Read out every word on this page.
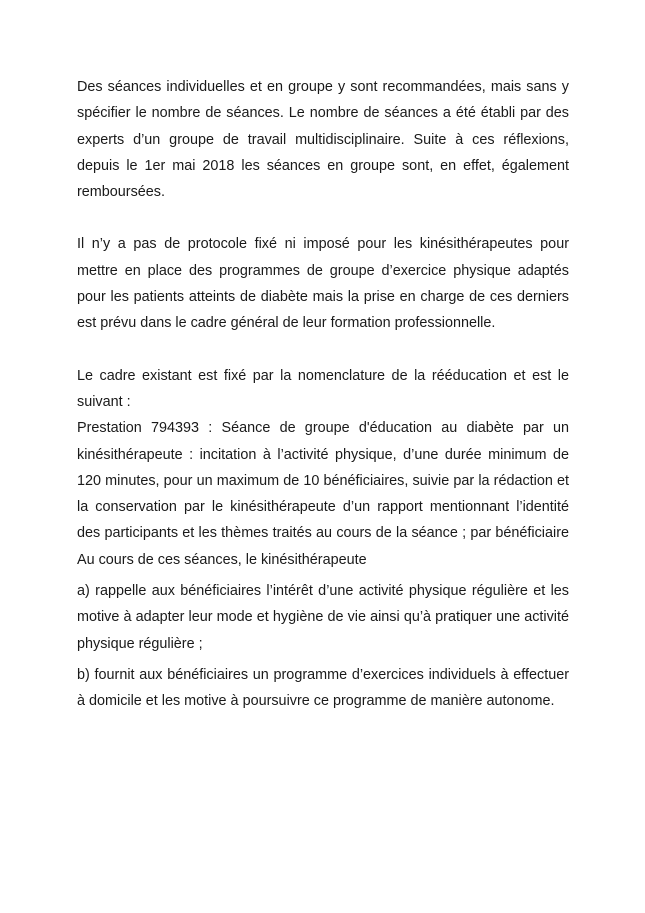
Des séances individuelles et en groupe y sont recommandées, mais sans y spécifier le nombre de séances. Le nombre de séances a été établi par des experts d’un groupe de travail multidisciplinaire. Suite à ces réflexions, depuis le 1er mai 2018 les séances en groupe sont, en effet, également remboursées.

Il n’y a pas de protocole fixé ni imposé pour les kinésithérapeutes pour mettre en place des programmes de groupe d’exercice physique adaptés pour les patients atteints de diabète mais la prise en charge de ces derniers est prévu dans le cadre général de leur formation professionnelle.

Le cadre existant est fixé par la nomenclature de la rééducation et est le suivant :

Prestation 794393 : Séance de groupe d'éducation au diabète par un kinésithérapeute : incitation à l’activité physique, d’une durée minimum de 120 minutes, pour un maximum de 10 bénéficiaires, suivie par la rédaction et la conservation par le kinésithérapeute d’un rapport mentionnant l’identité des participants et les thèmes traités au cours de la séance ; par bénéficiaire Au cours de ces séances, le kinésithérapeute

a) rappelle aux bénéficiaires l’intérêt d’une activité physique régulière et les motive à adapter leur mode et hygiène de vie ainsi qu’à pratiquer une activité physique régulière ;

b) fournit aux bénéficiaires un programme d’exercices individuels à effectuer à domicile et les motive à poursuivre ce programme de manière autonome.
